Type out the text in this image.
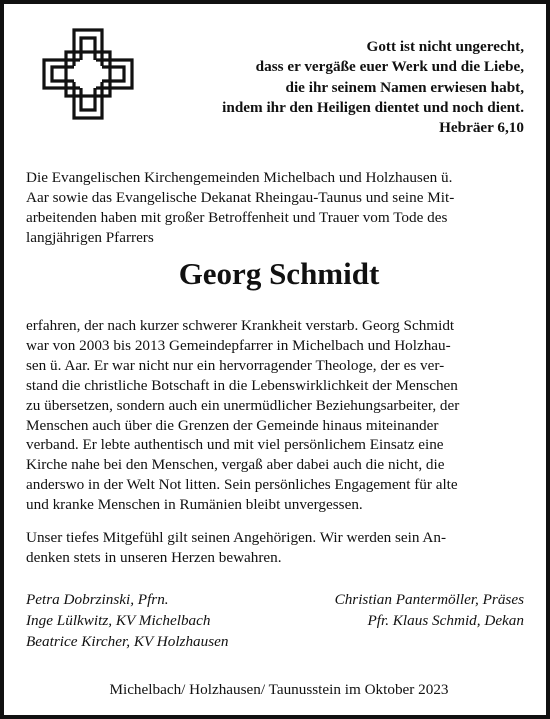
Gott ist nicht ungerecht,
dass er vergäße euer Werk und die Liebe,
die ihr seinem Namen erwiesen habt,
indem ihr den Heiligen dientet und noch dient.
Hebräer 6,10
Die Evangelischen Kirchengemeinden Michelbach und Holzhausen ü.
Aar sowie das Evangelische Dekanat Rheingau-Taunus und seine Mit-
arbeitenden haben mit großer Betroffenheit und Trauer vom Tode des
langjährigen Pfarrers
Georg Schmidt
erfahren, der nach kurzer schwerer Krankheit verstarb. Georg Schmidt
war von 2003 bis 2013 Gemeindepfarrer in Michelbach und Holzhau-
sen ü. Aar. Er war nicht nur ein hervorragender Theologe, der es ver-
stand die christliche Botschaft in die Lebenswirklichkeit der Menschen
zu übersetzen, sondern auch ein unermüdlicher Beziehungsarbeiter, der
Menschen auch über die Grenzen der Gemeinde hinaus miteinander
verband. Er lebte authentisch und mit viel persönlichem Einsatz eine
Kirche nahe bei den Menschen, vergaß aber dabei auch die nicht, die
anderswo in der Welt Not litten. Sein persönliches Engagement für alte
und kranke Menschen in Rumänien bleibt unvergessen.
Unser tiefes Mitgefühl gilt seinen Angehörigen. Wir werden sein An-
denken stets in unseren Herzen bewahren.
Petra Dobrzinski, Pfrn.
Inge Lülkwitz, KV Michelbach
Beatrice Kircher, KV Holzhausen
Christian Pantermöller, Präses
Pfr. Klaus Schmid, Dekan
Michelbach/ Holzhausen/ Taunusstein im Oktober 2023
